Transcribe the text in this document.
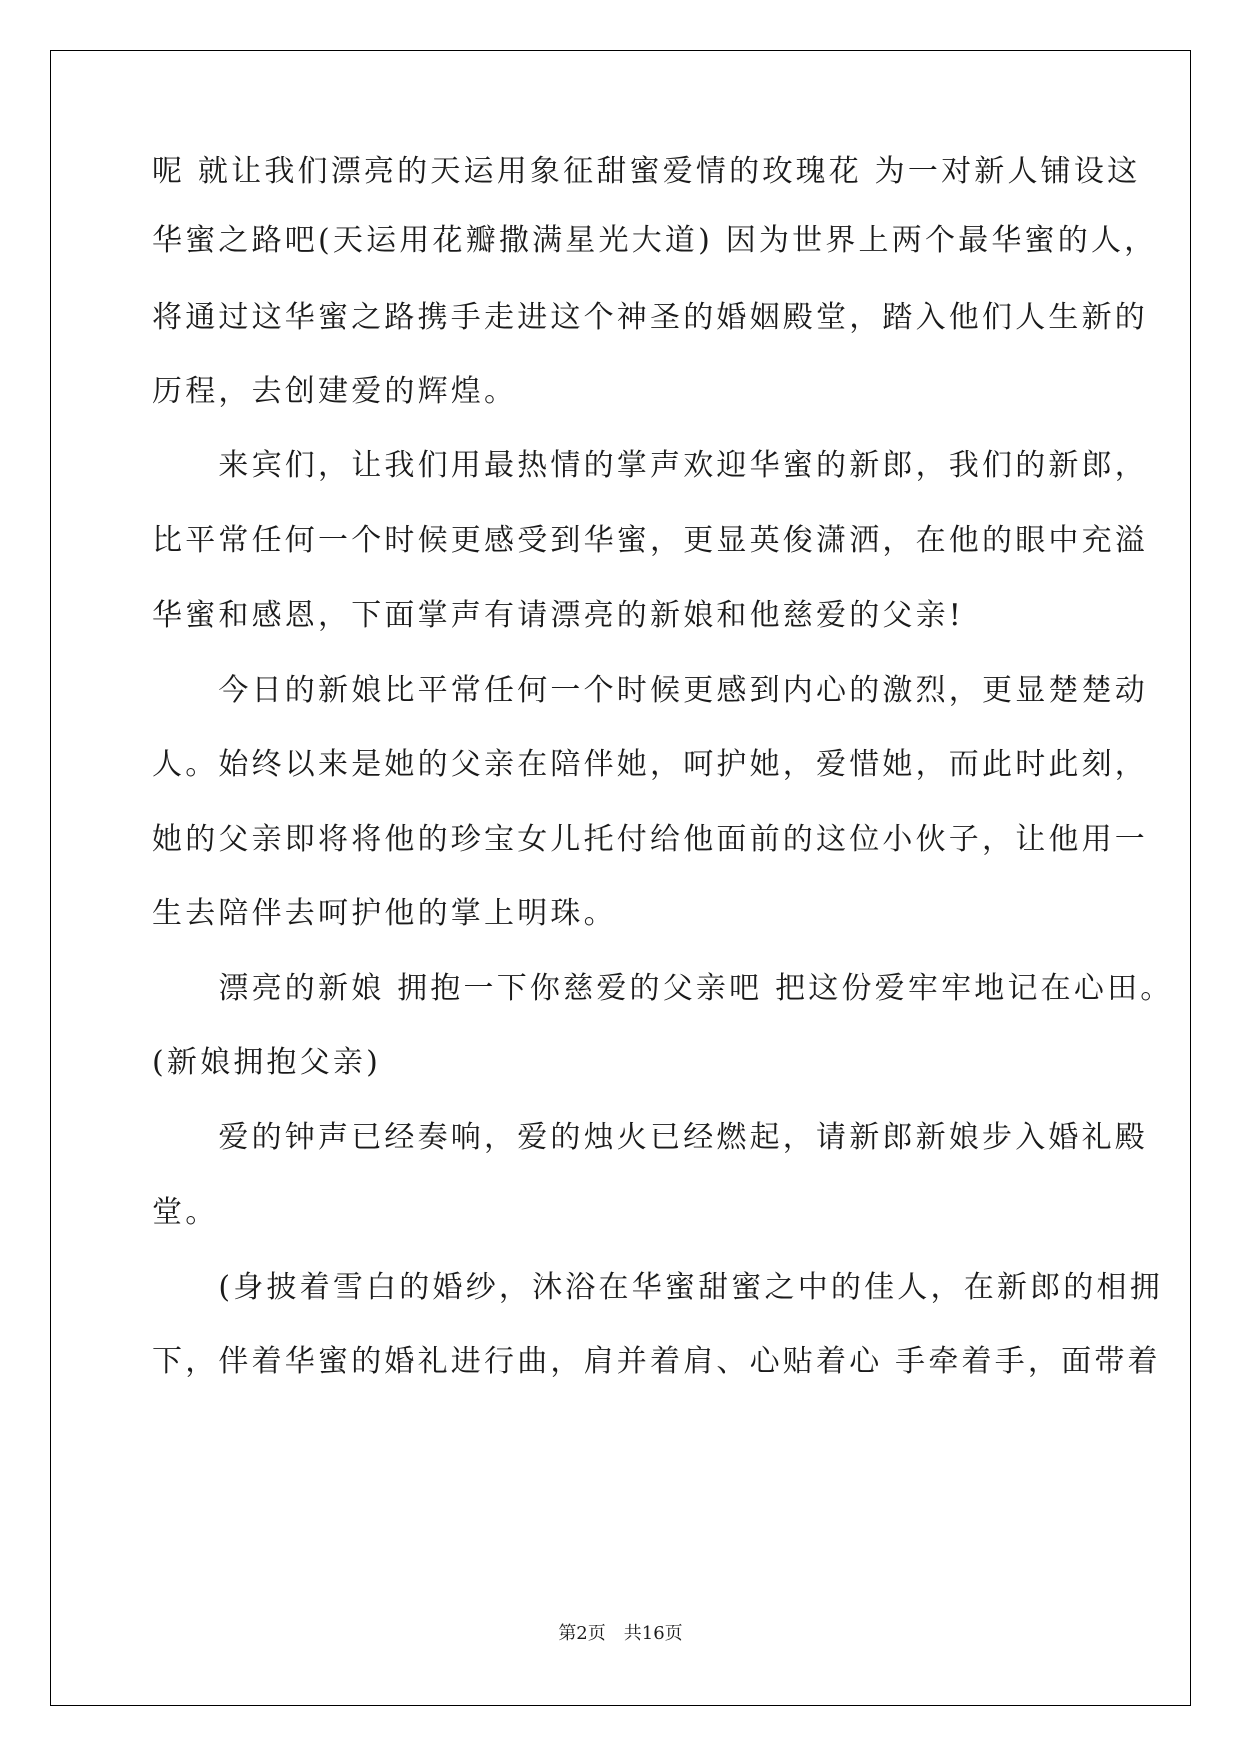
呢 就让我们漂亮的天运用象征甜蜜爱情的玫瑰花 为一对新人铺设这
华蜜之路吧(天运用花瓣撒满星光大道) 因为世界上两个最华蜜的人，
将通过这华蜜之路携手走进这个神圣的婚姻殿堂，踏入他们人生新的
历程，去创建爱的辉煌。
　　来宾们，让我们用最热情的掌声欢迎华蜜的新郎，我们的新郎，
比平常任何一个时候更感受到华蜜，更显英俊潇洒，在他的眼中充溢
华蜜和感恩，下面掌声有请漂亮的新娘和他慈爱的父亲!
　　今日的新娘比平常任何一个时候更感到内心的激烈，更显楚楚动
人。始终以来是她的父亲在陪伴她，呵护她，爱惜她，而此时此刻，
她的父亲即将将他的珍宝女儿托付给他面前的这位小伙子，让他用一
生去陪伴去呵护他的掌上明珠。
　　漂亮的新娘 拥抱一下你慈爱的父亲吧 把这份爱牢牢地记在心田。
(新娘拥抱父亲)
　　爱的钟声已经奏响，爱的烛火已经燃起，请新郎新娘步入婚礼殿
堂。
　　(身披着雪白的婚纱，沐浴在华蜜甜蜜之中的佳人，在新郎的相拥
下，伴着华蜜的婚礼进行曲，肩并着肩、心贴着心 手牵着手，面带着
第2页　共16页
